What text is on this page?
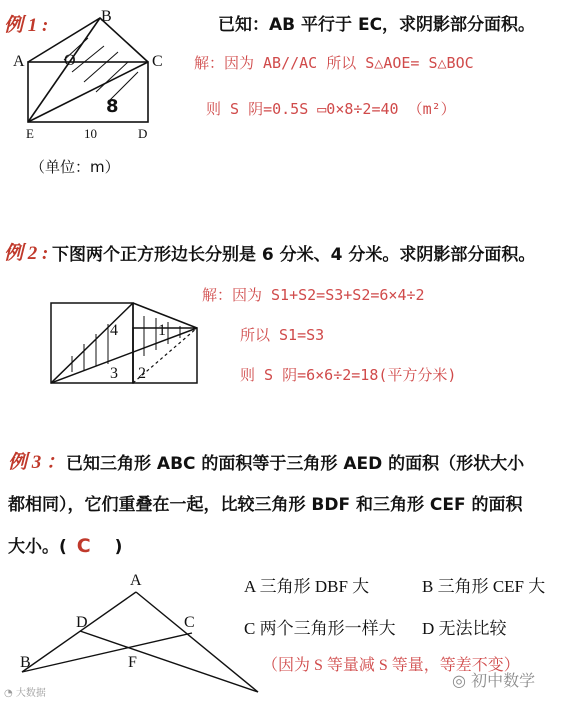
例 1 :	已知：AB 平行于 EC，求阴影部分面积。
B
A O	C
E	D
10
8
（单位：m）
解：因为 AB//AC 所以 S△AOE= S△BOC
则 S 阴=0.5S ▭0×8÷2=40 （m²）
例 2 : 下图两个正方形边长分别是 6 分米、4 分米。求阴影部分面积。
4	1
3 2
解：因为 S1+S2=S3+S2=6×4÷2
所以 S1=S3
则 S 阴=6×6÷2=18(平方分米)
例 3 ： 已知三角形 ABC 的面积等于三角形 AED 的面积（形状大小
都相同），它们重叠在一起，比较三角形 BDF 和三角形 CEF 的面积
大小。( C )
A
D	C
B	F
A 三角形 DBF 大	B 三角形 CEF 大
C 两个三角形一样大 D 无法比较
（因为 S 等量减 S 等量，等差不变）
◔ 大数据
◎ 初中数学
